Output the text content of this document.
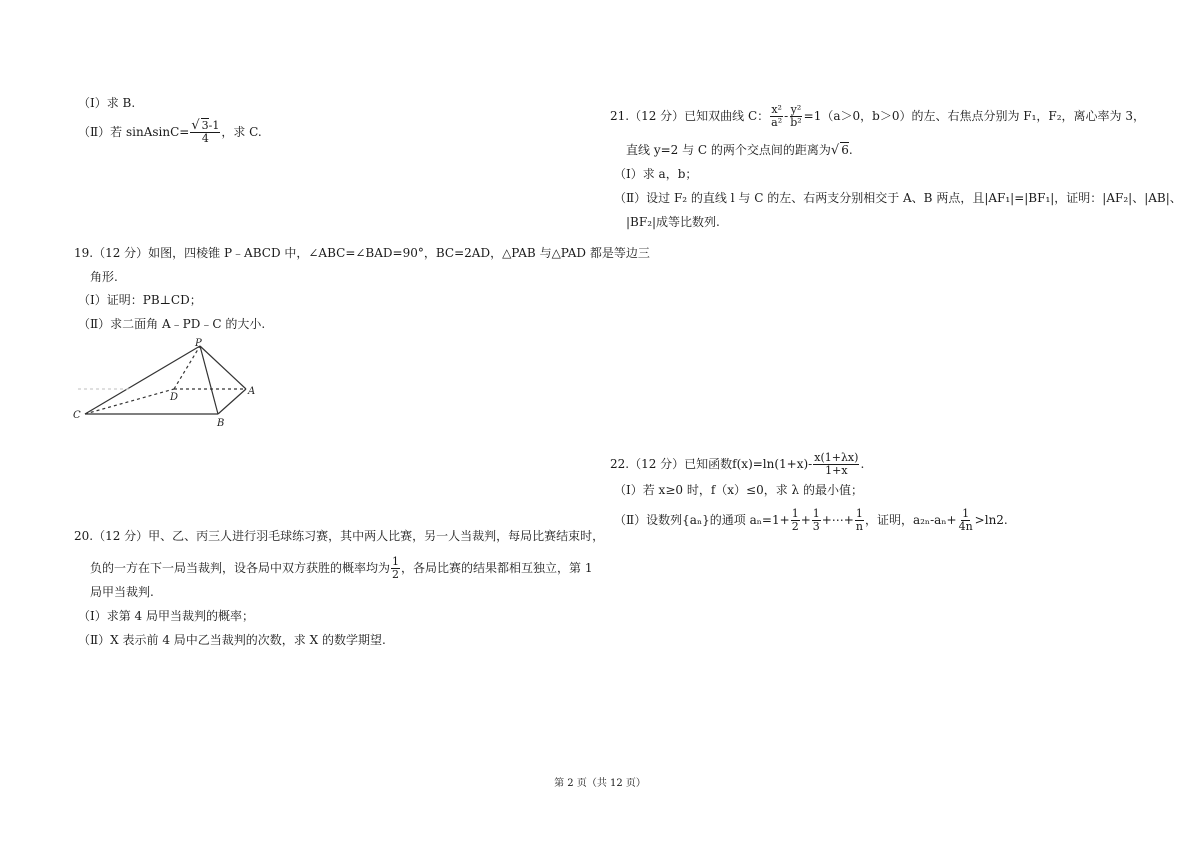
（Ⅰ）求 B.
（Ⅱ）若 sinAsinC= $\frac{√ 3-1}{4}$ ，求 C.
19.（12 分）如图，四棱锥 P﹣ABCD 中，∠ABC=∠BAD=90°，BC=2AD，△PAB 与△PAD 都是等边三
角形.
（Ⅰ）证明：PB⊥CD；
（Ⅱ）求二面角 A﹣PD﹣C 的大小.
P
A
B
C
D
20.（12 分）甲、乙、丙三人进行羽毛球练习赛，其中两人比赛，另一人当裁判，每局比赛结束时，
负的一方在下一局当裁判，设各局中双方获胜的概率均为 $\frac{1}{2}$ ，各局比赛的结果都相互独立，第 1
局甲当裁判.
（Ⅰ）求第 4 局甲当裁判的概率；
（Ⅱ）X 表示前 4 局中乙当裁判的次数，求 X 的数学期望.
21.（12 分）已知双曲线 C： $\frac{\text{x²}}{\text{a²}} - \frac{\text{y²}}{\text{b²}} =1(a>0$，b＞0）的左、右焦点分别为 F₁，F₂，离心率为 3，
直线 y=2 与 C 的两个交点间的距离为√ 6.
（Ⅰ）求 a，b；
（Ⅱ）设过 F₂ 的直线 l 与 C 的左、右两支分别相交于 A、B 两点，且|AF₁|=|BF₁|，证明：|AF₂|、|AB|、
|BF₂|成等比数列.
22.（12 分）已知函数$f(x)=\ln(1+x)- \frac{x(1+\lambda x)}{1+x}$ .
（Ⅰ）若 x≥0 时，f（x）≤0，求 λ 的最小值；
（Ⅱ）设数列{aₙ}的通项 $a_n=1+ \frac{1}{2} + \frac{1}{3}$ +⋯+ $\frac{1}{n}$ ，证明，$a_{2n}-a_n+ \frac{1}{4n} >\ln 2$.
第 2 页（共 12 页）
